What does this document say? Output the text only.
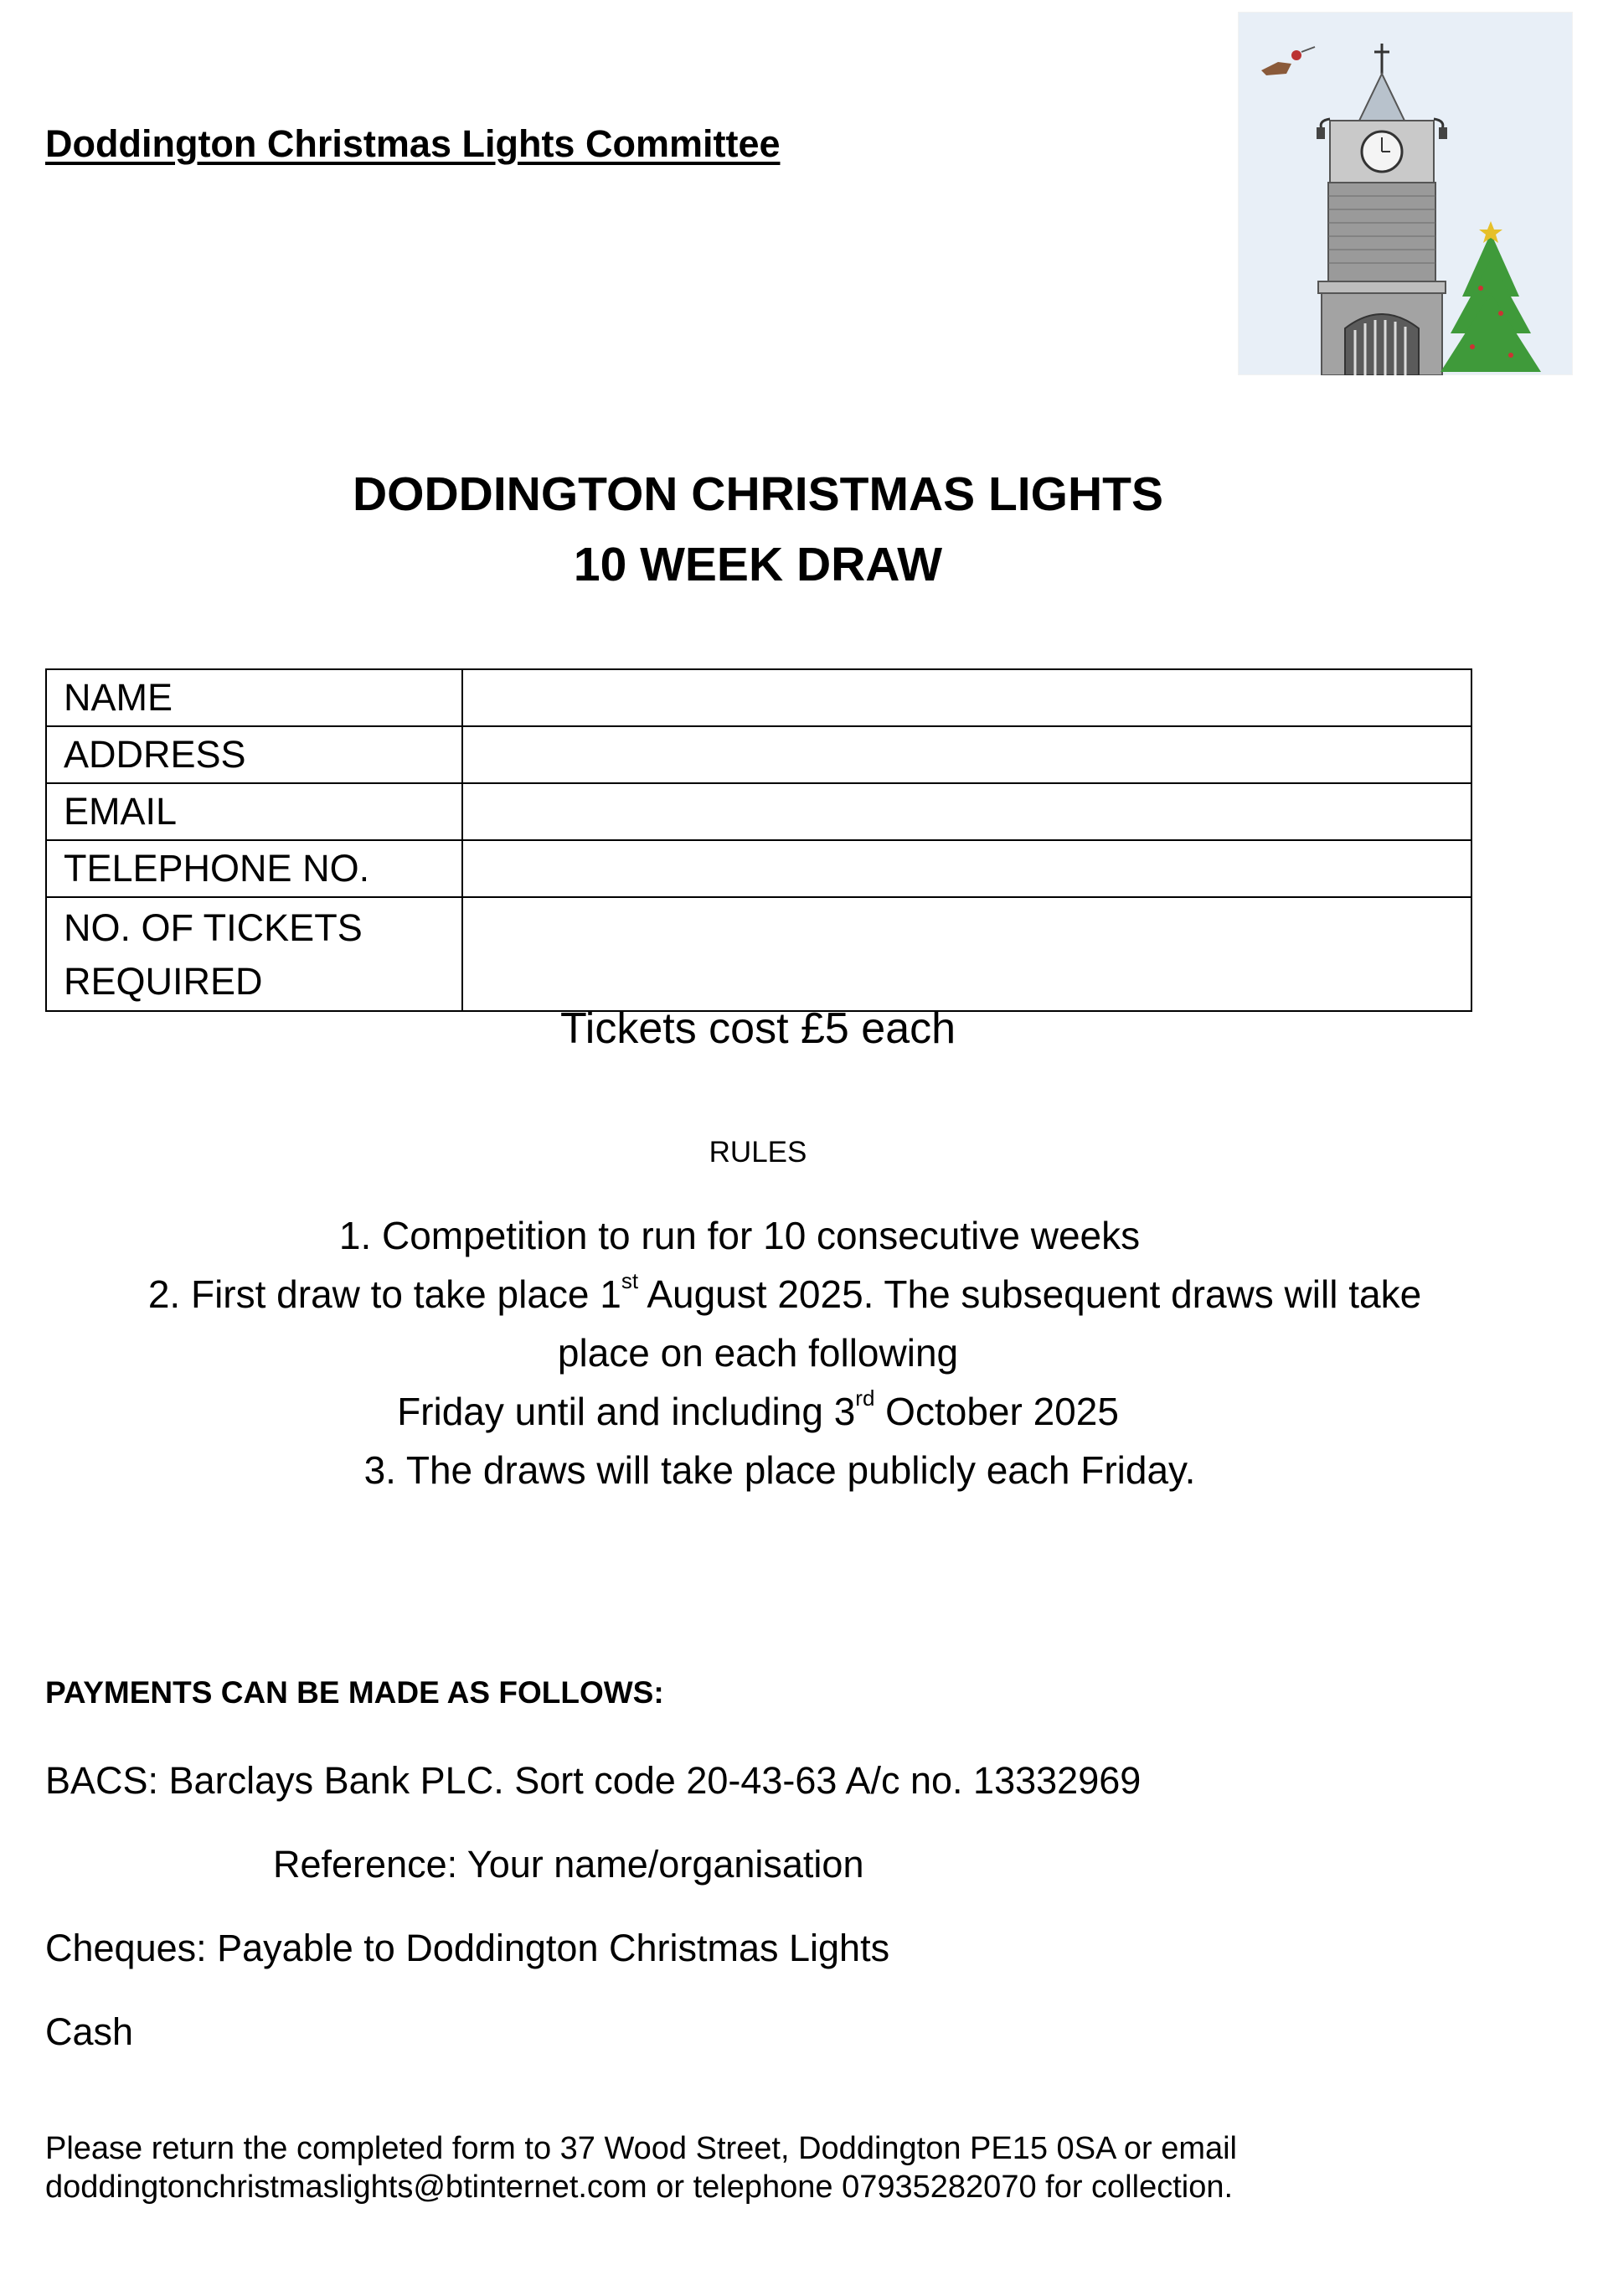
Doddington Christmas Lights Committee
DODDINGTON CHRISTMAS LIGHTS
10 WEEK DRAW
NAME	
ADDRESS	
EMAIL	
TELEPHONE NO.	

NO. OF TICKETS
REQUIRED	

Tickets cost £5 each
RULES
1. Competition to run for 10 consecutive weeks
2. First draw to take place 1st August 2025. The subsequent draws will take
place on each following
Friday until and including 3rd October 2025
3. The draws will take place publicly each Friday.
PAYMENTS CAN BE MADE AS FOLLOWS:
BACS: Barclays Bank PLC. Sort code 20-43-63 A/c no. 13332969
Reference: Your name/organisation
Cheques: Payable to Doddington Christmas Lights
Cash
Please return the completed form to 37 Wood Street, Doddington PE15 0SA or email
doddingtonchristmaslights@btinternet.com or telephone 07935282070 for collection.
